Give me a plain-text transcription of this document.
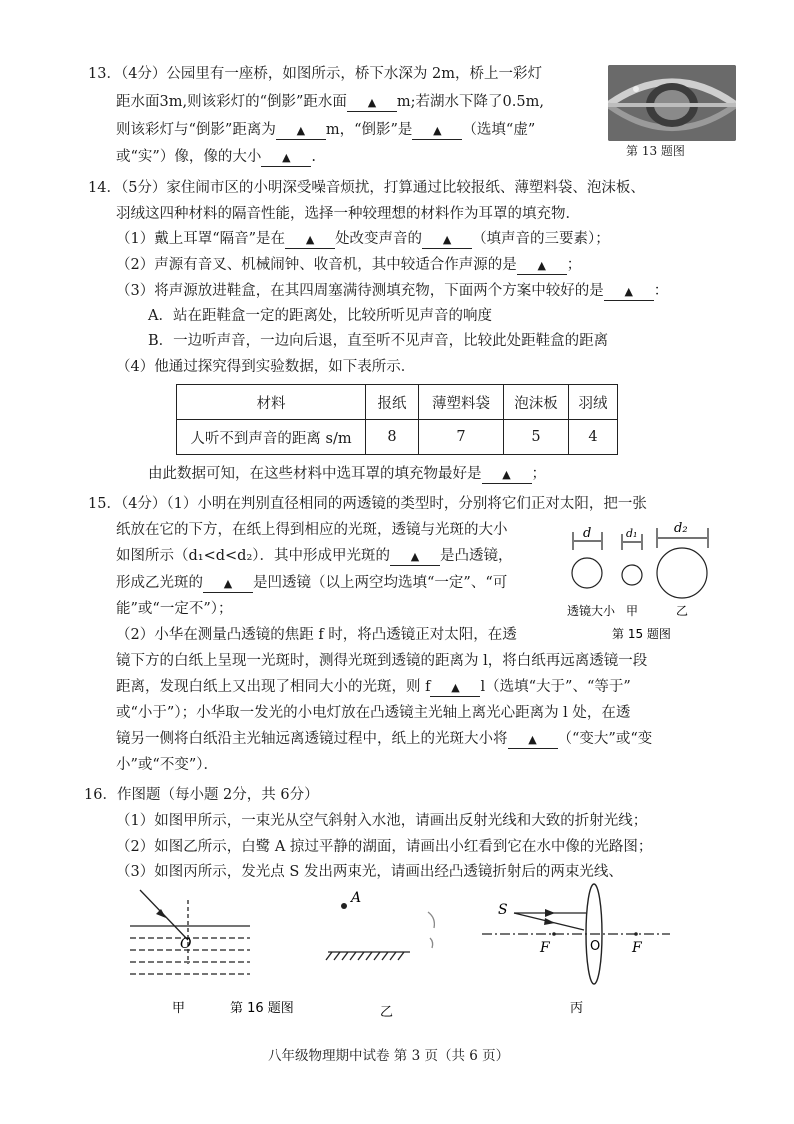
13．（4分）公园里有一座桥，如图所示，桥下水深为 2m，桥上一彩灯
距水面3m,则该彩灯的“倒影”距水面 ▲ m;若湖水下降了0.5m,
则该彩灯与“倒影”距离为 ▲ m，“倒影”是 ▲ （选填“虚”
或“实”）像，像的大小 ▲ .	第 13 题图
14．（5分）家住闹市区的小明深受噪音烦扰，打算通过比较报纸、薄塑料袋、泡沫板、
羽绒这四种材料的隔音性能，选择一种较理想的材料作为耳罩的填充物．
（1）戴上耳罩“隔音”是在 ▲ 处改变声音的 ▲ （填声音的三要素）；
（2）声源有音叉、机械闹钟、收音机，其中较适合作声源的是 ▲ ；
（3）将声源放进鞋盒，在其四周塞满待测填充物，下面两个方案中较好的是 ▲ ：
A．站在距鞋盒一定的距离处，比较所听见声音的响度
B．一边听声音，一边向后退，直至听不见声音，比较此处距鞋盒的距离
（4）他通过探究得到实验数据，如下表所示．
材料	报纸	薄塑料袋	泡沫板	羽绒
人听不到声音的距离 s/m	8	7	5	4
由此数据可知，在这些材料中选耳罩的填充物最好是 ▲ ；
15．（4分）（1）小明在判别直径相同的两透镜的类型时，分别将它们正对太阳，把一张
纸放在它的下方，在纸上得到相应的光斑，透镜与光斑的大小
如图所示（d₁<d<d₂）．其中形成甲光斑的 ▲ 是凸透镜，
形成乙光斑的 ▲ 是凹透镜（以上两空均选填“一定”、“可
能”或“一定不”）；
（2）小华在测量凸透镜的焦距 f 时，将凸透镜正对太阳，在透
镜下方的白纸上呈现一光斑时，测得光斑到透镜的距离为 l，将白纸再远离透镜一段
距离，发现白纸上又出现了相同大小的光斑，则 f ▲ l（选填“大于”、“等于”
或“小于”）；小华取一发光的小电灯放在凸透镜主光轴上离光心距离为 l 处，在透
镜另一侧将白纸沿主光轴远离透镜过程中，纸上的光斑大小将 ▲ （“变大”或“变
小”或“不变”）．
d	d₁	d₂
透镜大小 甲	乙
第 15 题图
16．作图题（每小题 2分，共 6分）
（1）如图甲所示，一束光从空气斜射入水池，请画出反射光线和大致的折射光线；
（2）如图乙所示，白鹭 A 掠过平静的湖面，请画出小红看到它在水中像的光路图；
（3）如图丙所示，发光点 S 发出两束光，请画出经凸透镜折射后的两束光线、
O
甲	第 16 题图
A
乙
S
F	O F
丙
八年级物理期中试卷 第 3 页（共 6 页）
